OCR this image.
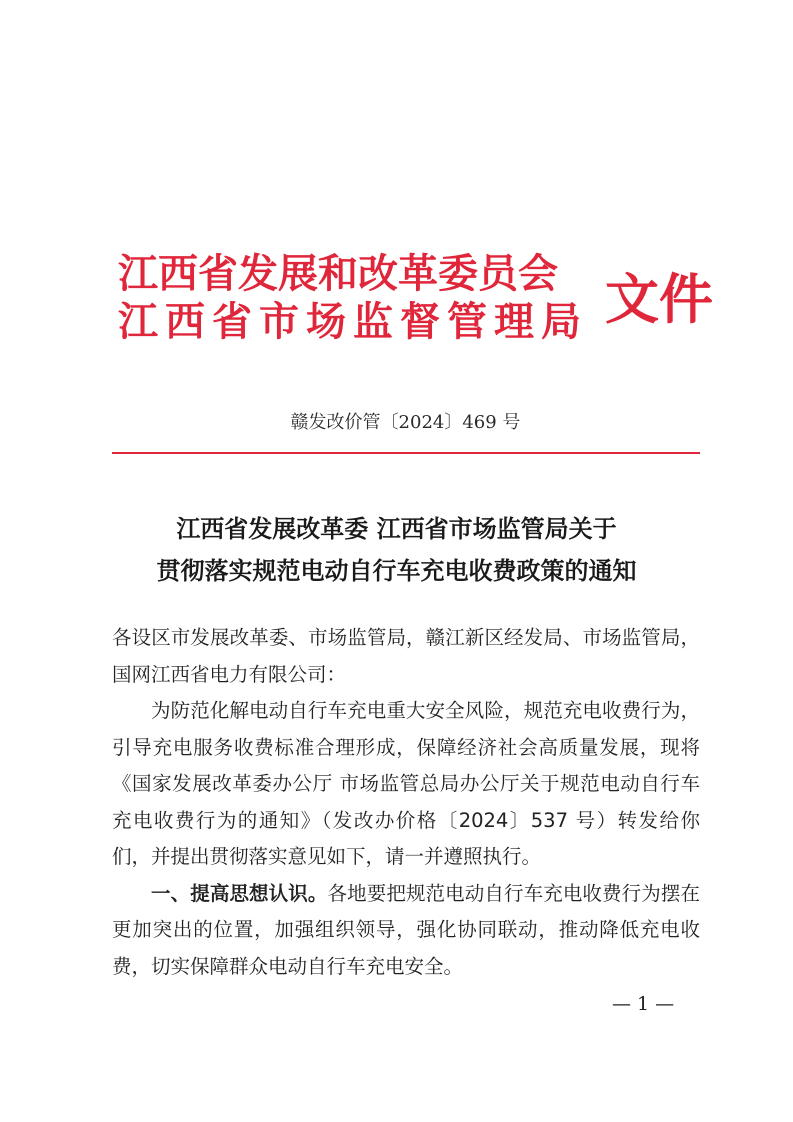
江西省发展和改革委员会
江西省市场监督管理局 文件
赣发改价管〔2024〕469 号
江西省发展改革委 江西省市场监管局关于
贯彻落实规范电动自行车充电收费政策的通知

各设区市发展改革委、市场监管局，赣江新区经发局、市场监管局，国网江西省电力有限公司：

为防范化解电动自行车充电重大安全风险，规范充电收费行为，引导充电服务收费标准合理形成，保障经济社会高质量发展，现将《国家发展改革委办公厅 市场监管总局办公厅关于规范电动自行车充电收费行为的通知》（发改办价格〔2024〕537 号）转发给你们，并提出贯彻落实意见如下，请一并遵照执行。

一、提高思想认识。各地要把规范电动自行车充电收费行为摆在更加突出的位置，加强组织领导，强化协同联动，推动降低充电收费，切实保障群众电动自行车充电安全。

— 1 —
